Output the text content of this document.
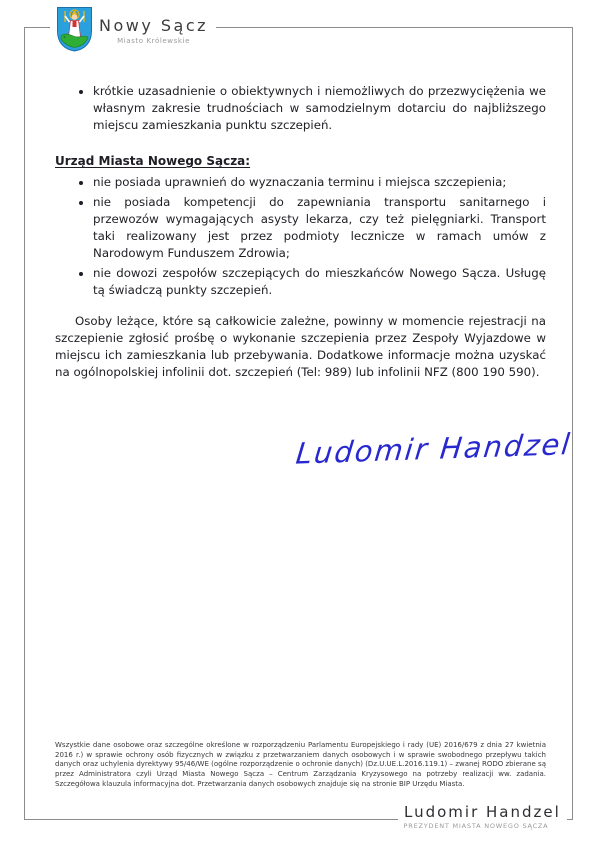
Nowy Sącz
Miasto Królewskie
• krótkie uzasadnienie o obiektywnych i niemożliwych do przezwyciężenia we własnym zakresie trudnościach w samodzielnym dotarciu do najbliższego miejscu zamieszkania punktu szczepień.
Urząd Miasta Nowego Sącza:
• nie posiada uprawnień do wyznaczania terminu i miejsca szczepienia;
• nie posiada kompetencji do zapewniania transportu sanitarnego i przewozów wymagających asysty lekarza, czy też pielęgniarki. Transport taki realizowany jest przez podmioty lecznicze w ramach umów z Narodowym Funduszem Zdrowia;
• nie dowozi zespołów szczepiących do mieszkańców Nowego Sącza. Usługę tą świadczą punkty szczepień.

Osoby leżące, które są całkowicie zależne, powinny w momencie rejestracji na szczepienie zgłosić prośbę o wykonanie szczepienia przez Zespoły Wyjazdowe w miejscu ich zamieszkania lub przebywania. Dodatkowe informacje można uzyskać na ogólnopolskiej infolinii dot. szczepień (Tel: 989) lub infolinii NFZ (800 190 590).

Ludomir Handzel
Wszystkie dane osobowe oraz szczególne określone w rozporządzeniu Parlamentu Europejskiego i rady (UE) 2016/679 z dnia 27 kwietnia 2016 r.) w sprawie ochrony osób fizycznych w związku z przetwarzaniem danych osobowych i w sprawie swobodnego przepływu takich danych oraz uchylenia dyrektywy 95/46/WE (ogólne rozporządzenie o ochronie danych) (Dz.U.UE.L.2016.119.1) – zwanej RODO zbierane są przez Administratora czyli Urząd Miasta Nowego Sącza – Centrum Zarządzania Kryzysowego na potrzeby realizacji ww. zadania. Szczegółowa klauzula informacyjna dot. Przetwarzania danych osobowych znajduje się na stronie BIP Urzędu Miasta.
Ludomir Handzel
PREZYDENT MIASTA NOWEGO SĄCZA
